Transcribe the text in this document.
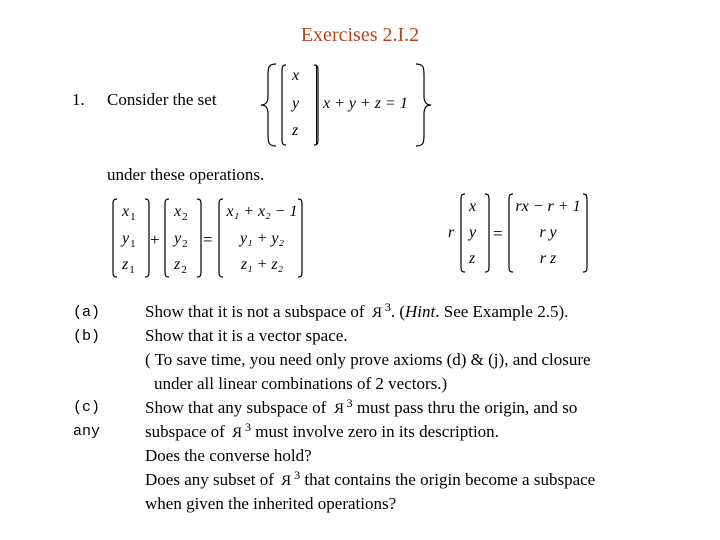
Exercises 2.I.2
1. Consider the set
x
y
z
x + y + z = 1
under these operations.
$x_1$
$y_1$
$z_1$
+
$x_2$
$y_2$
$z_2$
=
x₁ + x₂ − 1
y₁ + y₂
z₁ + z₂
r
x
y
z
=
rx − r + 1
r y
r z
(a)
(b)
(c)
any
Show that it is not a subspace of R $^3$. (Hint. See Example 2.5).
Show that it is a vector space.
( To save time, you need only prove axioms (d) & (j), and closure
under all linear combinations of 2 vectors.)
Show that any subspace of R $^3$ must pass thru the origin, and so
subspace of R $^3$ must involve zero in its description.
Does the converse hold?
Does any subset of R $^3$ that contains the origin become a subspace
when given the inherited operations?
